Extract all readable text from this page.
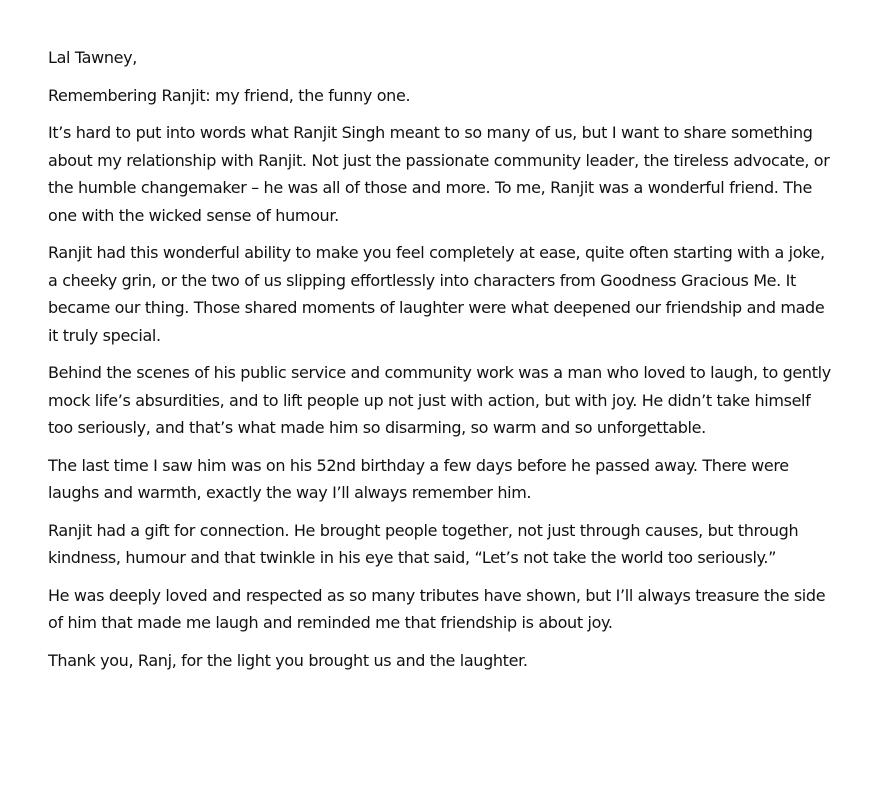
Lal Tawney,

Remembering Ranjit: my friend, the funny one.

It’s hard to put into words what Ranjit Singh meant to so many of us, but I want to share something about my relationship with Ranjit. Not just the passionate community leader, the tireless advocate, or the humble changemaker – he was all of those and more. To me, Ranjit was a wonderful friend. The one with the wicked sense of humour.

Ranjit had this wonderful ability to make you feel completely at ease, quite often starting with a joke, a cheeky grin, or the two of us slipping effortlessly into characters from Goodness Gracious Me. It became our thing. Those shared moments of laughter were what deepened our friendship and made it truly special.

Behind the scenes of his public service and community work was a man who loved to laugh, to gently mock life’s absurdities, and to lift people up not just with action, but with joy. He didn’t take himself too seriously, and that’s what made him so disarming, so warm and so unforgettable.

The last time I saw him was on his 52nd birthday a few days before he passed away. There were laughs and warmth, exactly the way I’ll always remember him.

Ranjit had a gift for connection. He brought people together, not just through causes, but through kindness, humour and that twinkle in his eye that said, “Let’s not take the world too seriously.”

He was deeply loved and respected as so many tributes have shown, but I’ll always treasure the side of him that made me laugh and reminded me that friendship is about joy.

Thank you, Ranj, for the light you brought us and the laughter.
